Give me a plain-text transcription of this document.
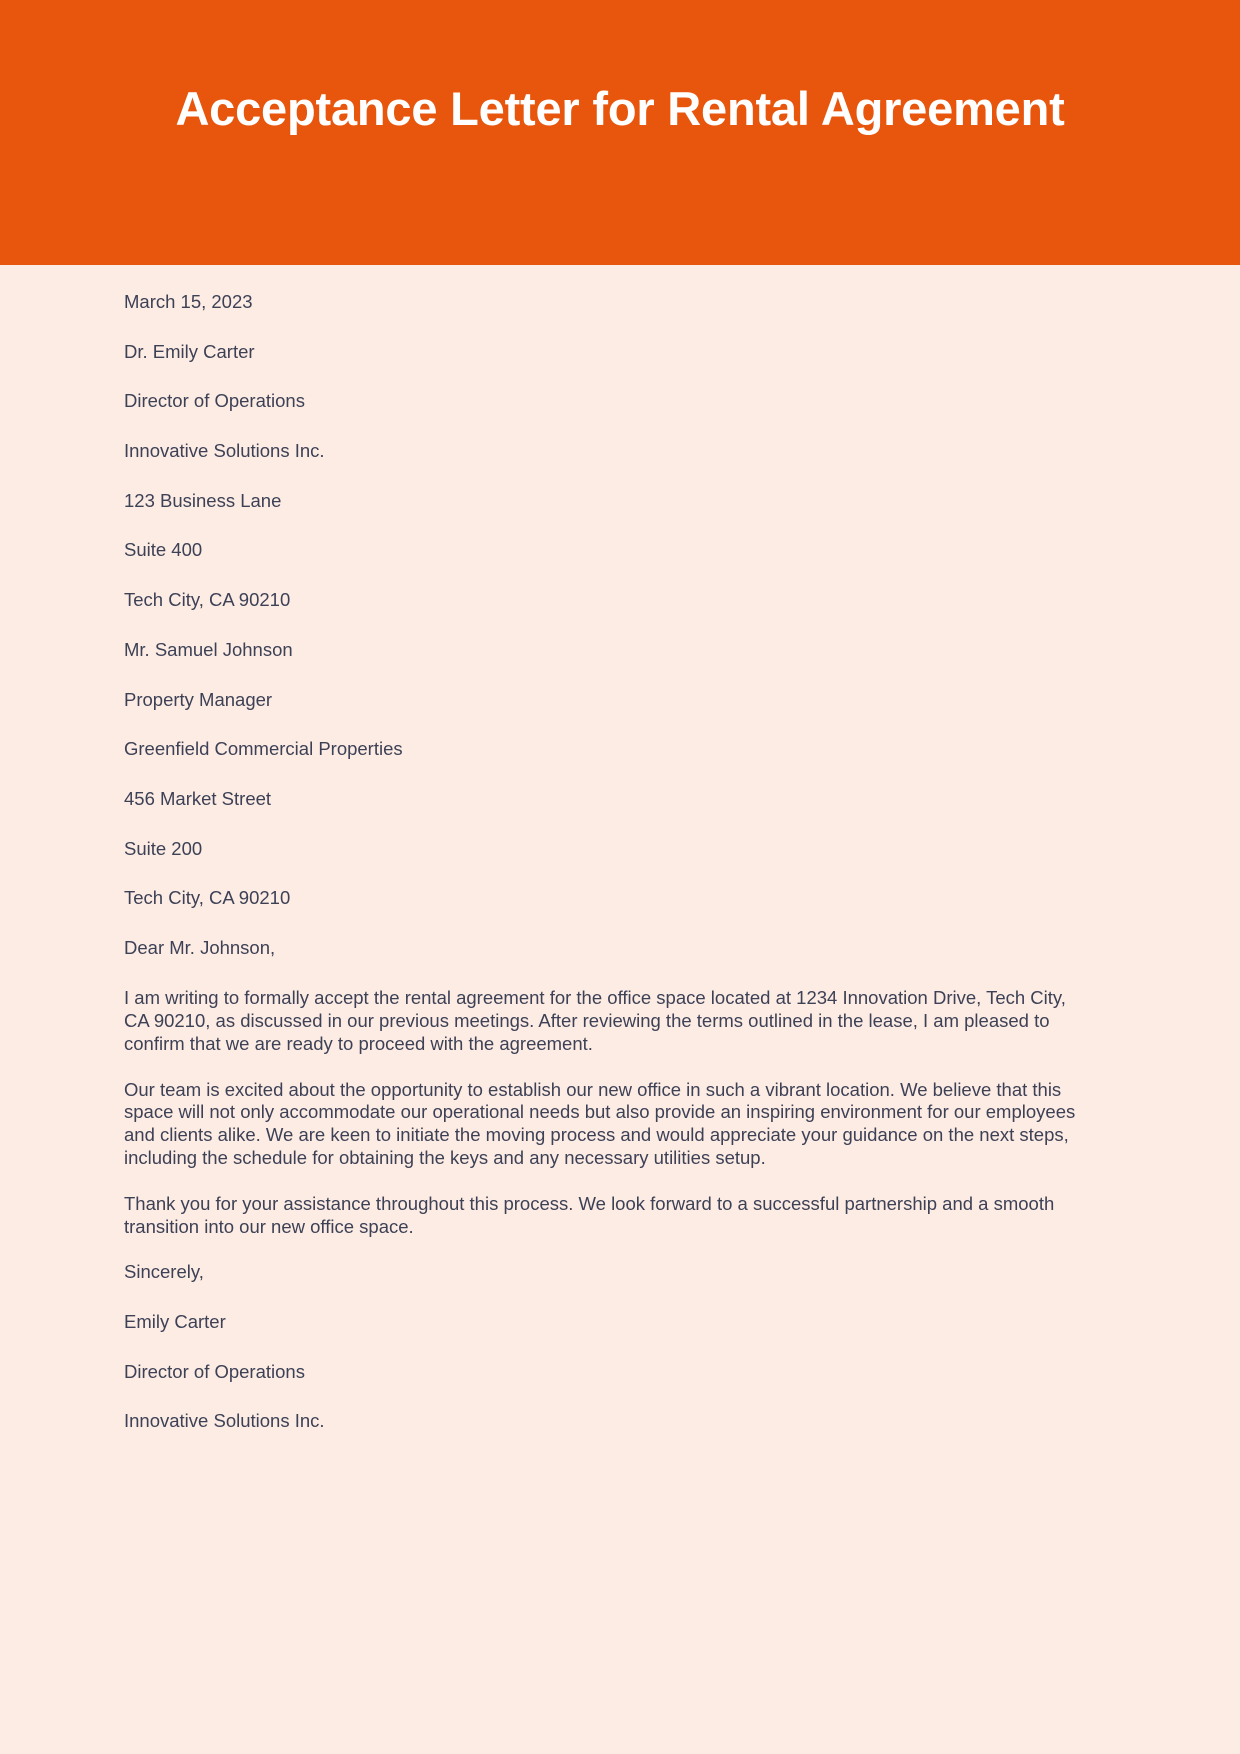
Acceptance Letter for Rental Agreement

March 15, 2023

Dr. Emily Carter

Director of Operations

Innovative Solutions Inc.

123 Business Lane

Suite 400

Tech City, CA 90210

Mr. Samuel Johnson

Property Manager

Greenfield Commercial Properties

456 Market Street

Suite 200

Tech City, CA 90210

Dear Mr. Johnson,

I am writing to formally accept the rental agreement for the office space located at 1234 Innovation Drive, Tech City, CA 90210, as discussed in our previous meetings. After reviewing the terms outlined in the lease, I am pleased to confirm that we are ready to proceed with the agreement.

Our team is excited about the opportunity to establish our new office in such a vibrant location. We believe that this space will not only accommodate our operational needs but also provide an inspiring environment for our employees and clients alike. We are keen to initiate the moving process and would appreciate your guidance on the next steps, including the schedule for obtaining the keys and any necessary utilities setup.

Thank you for your assistance throughout this process. We look forward to a successful partnership and a smooth transition into our new office space.

Sincerely,

Emily Carter

Director of Operations

Innovative Solutions Inc.
